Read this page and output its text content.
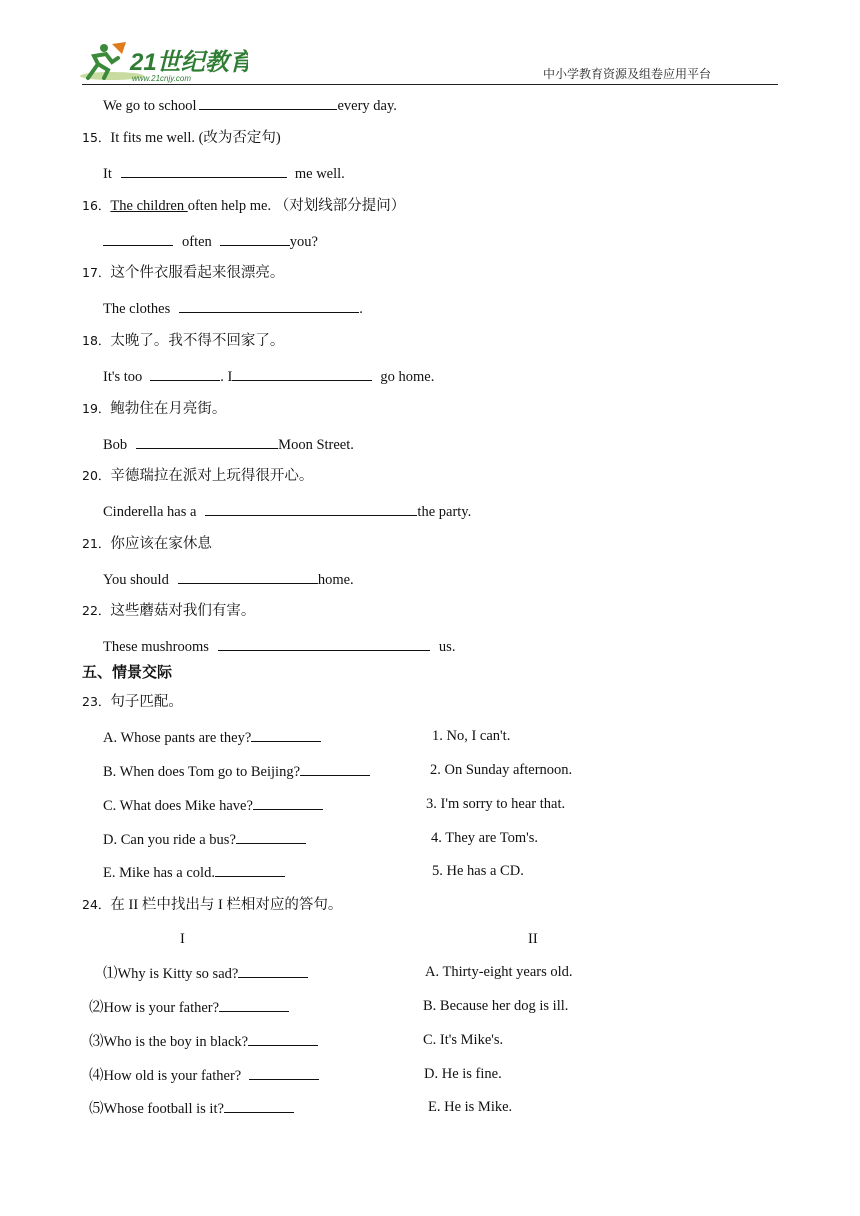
21世纪教育
www.21cnjy.com	中小学教育资源及组卷应用平台
We go to school	every day.
15．It fits me well. (改为否定句)
It	me well.
16．The children often help me. （对划线部分提问）
often	you?
17．这个件衣服看起来很漂亮。
The clothes	.
18．太晚了。我不得不回家了。
It's too	. I	go home.
19．鲍勃住在月亮街。
Bob	Moon Street.
20．辛德瑞拉在派对上玩得很开心。
Cinderella has a	the party.
21．你应该在家休息
You should	home.
22．这些蘑菇对我们有害。
These mushrooms	us.
五、情景交际
23．句子匹配。
A. Whose pants are they?	1. No, I can't.
B. When does Tom go to Beijing?	2. On Sunday afternoon.
C. What does Mike have?	3. I'm sorry to hear that.
D. Can you ride a bus?	4. They are Tom's.
E. Mike has a cold.	5. He has a CD.
24．在 II 栏中找出与 I 栏相对应的答句。
I	II
⑴Why is Kitty so sad?	A. Thirty-eight years old.
⑵How is your father?	B. Because her dog is ill.
⑶Who is the boy in black?	C. It's Mike's.
⑷How old is your father?	D. He is fine.
⑸Whose football is it?	E. He is Mike.
